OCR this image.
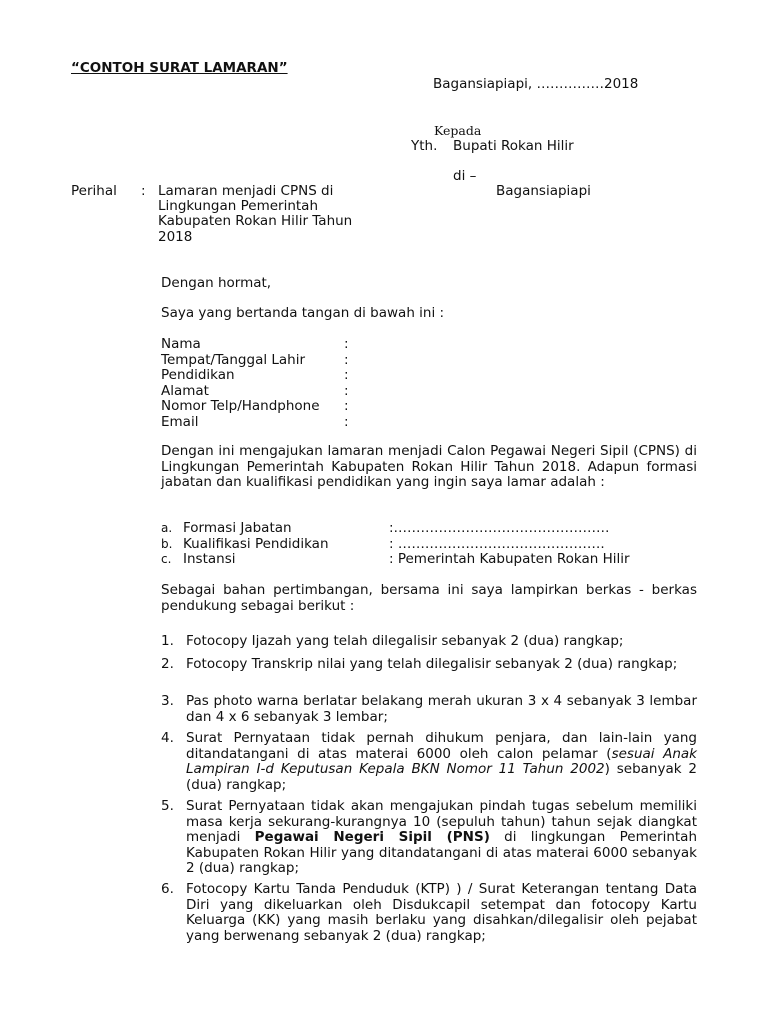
“CONTOH SURAT LAMARAN”
Bagansiapiapi, ……………2018
Kepada
Yth. Bupati Rokan Hilir
di –
Bagansiapiapi
Perihal : Lamaran menjadi CPNS di
Lingkungan Pemerintah
Kabupaten Rokan Hilir Tahun
2018
Dengan hormat,
Saya yang bertanda tangan di bawah ini :
Nama	:
Tempat/Tanggal Lahir	:
Pendidikan	:
Alamat	:
Nomor Telp/Handphone	:
Email	:
Dengan ini mengajukan lamaran menjadi Calon Pegawai Negeri Sipil (CPNS) di Lingkungan Pemerintah Kabupaten Rokan Hilir Tahun 2018. Adapun formasi jabatan dan kualifikasi pendidikan yang ingin saya lamar adalah :
a. Formasi Jabatan	:…………………………………………
b. Kualifikasi Pendidikan	: ……………………………………….
c. Instansi	: Pemerintah Kabupaten Rokan Hilir
Sebagai bahan pertimbangan, bersama ini saya lampirkan berkas - berkas pendukung sebagai berikut :
1. Fotocopy Ijazah yang telah dilegalisir sebanyak 2 (dua) rangkap;
2. Fotocopy Transkrip nilai yang telah dilegalisir sebanyak 2 (dua) rangkap;
3. Pas photo warna berlatar belakang merah ukuran 3 x 4 sebanyak 3 lembar dan 4 x 6 sebanyak 3 lembar;
4. Surat Pernyataan tidak pernah dihukum penjara, dan lain-lain yang ditandatangani di atas materai 6000 oleh calon pelamar (sesuai Anak Lampiran I-d Keputusan Kepala BKN Nomor 11 Tahun 2002) sebanyak 2 (dua) rangkap;
5. Surat Pernyataan tidak akan mengajukan pindah tugas sebelum memiliki masa kerja sekurang-kurangnya 10 (sepuluh tahun) tahun sejak diangkat menjadi Pegawai Negeri Sipil (PNS) di lingkungan Pemerintah Kabupaten Rokan Hilir yang ditandatangani di atas materai 6000 sebanyak 2 (dua) rangkap;
6. Fotocopy Kartu Tanda Penduduk (KTP) ) / Surat Keterangan tentang Data Diri yang dikeluarkan oleh Disdukcapil setempat dan fotocopy Kartu Keluarga (KK) yang masih berlaku yang disahkan/dilegalisir oleh pejabat yang berwenang sebanyak 2 (dua) rangkap;
